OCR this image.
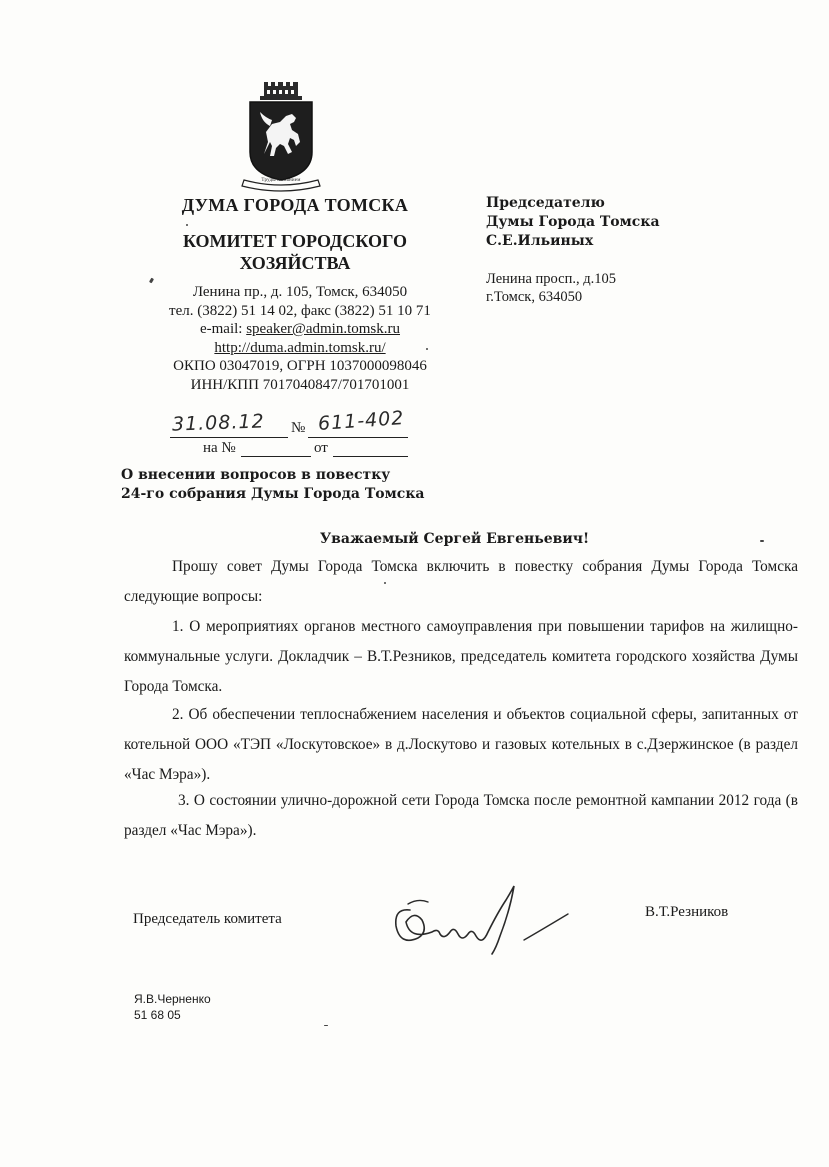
Труды и знанием

ДУМА ГОРОДА ТОМСКА

КОМИТЕТ ГОРОДСКОГО
ХОЗЯЙСТВА

Ленина пр., д. 105, Томск, 634050
тел. (3822) 51 14 02, факс (3822) 51 10 71
e-mail: speaker@admin.tomsk.ru
http://duma.admin.tomsk.ru/
ОКПО 03047019, ОГРН 1037000098046
ИНН/КПП 7017040847/701701001

31.08.12 № 611-402
на №	от
Председателю
Думы Города Томска
С.Е.Ильиных
Ленина просп., д.105
г.Томск, 634050
О внесении вопросов в повестку
24-го собрания Думы Города Томска
Уважаемый Сергей Евгеньевич!

Прошу совет Думы Города Томска включить в повестку собрания Думы Города Томска следующие вопросы:

1. О мероприятиях органов местного самоуправления при повышении тарифов на жилищно-коммунальные услуги. Докладчик – В.Т.Резников, председатель комитета городского хозяйства Думы Города Томска.

2. Об обеспечении теплоснабжением населения и объектов социальной сферы, запитанных от котельной ООО «ТЭП «Лоскутовское» в д.Лоскутово и газовых котельных в с.Дзержинское (в раздел «Час Мэра»).

3. О состоянии улично-дорожной сети Города Томска после ремонтной кампании 2012 года (в раздел «Час Мэра»).

Председатель комитета	В.Т.Резников
Я.В.Черненко
51 68 05
